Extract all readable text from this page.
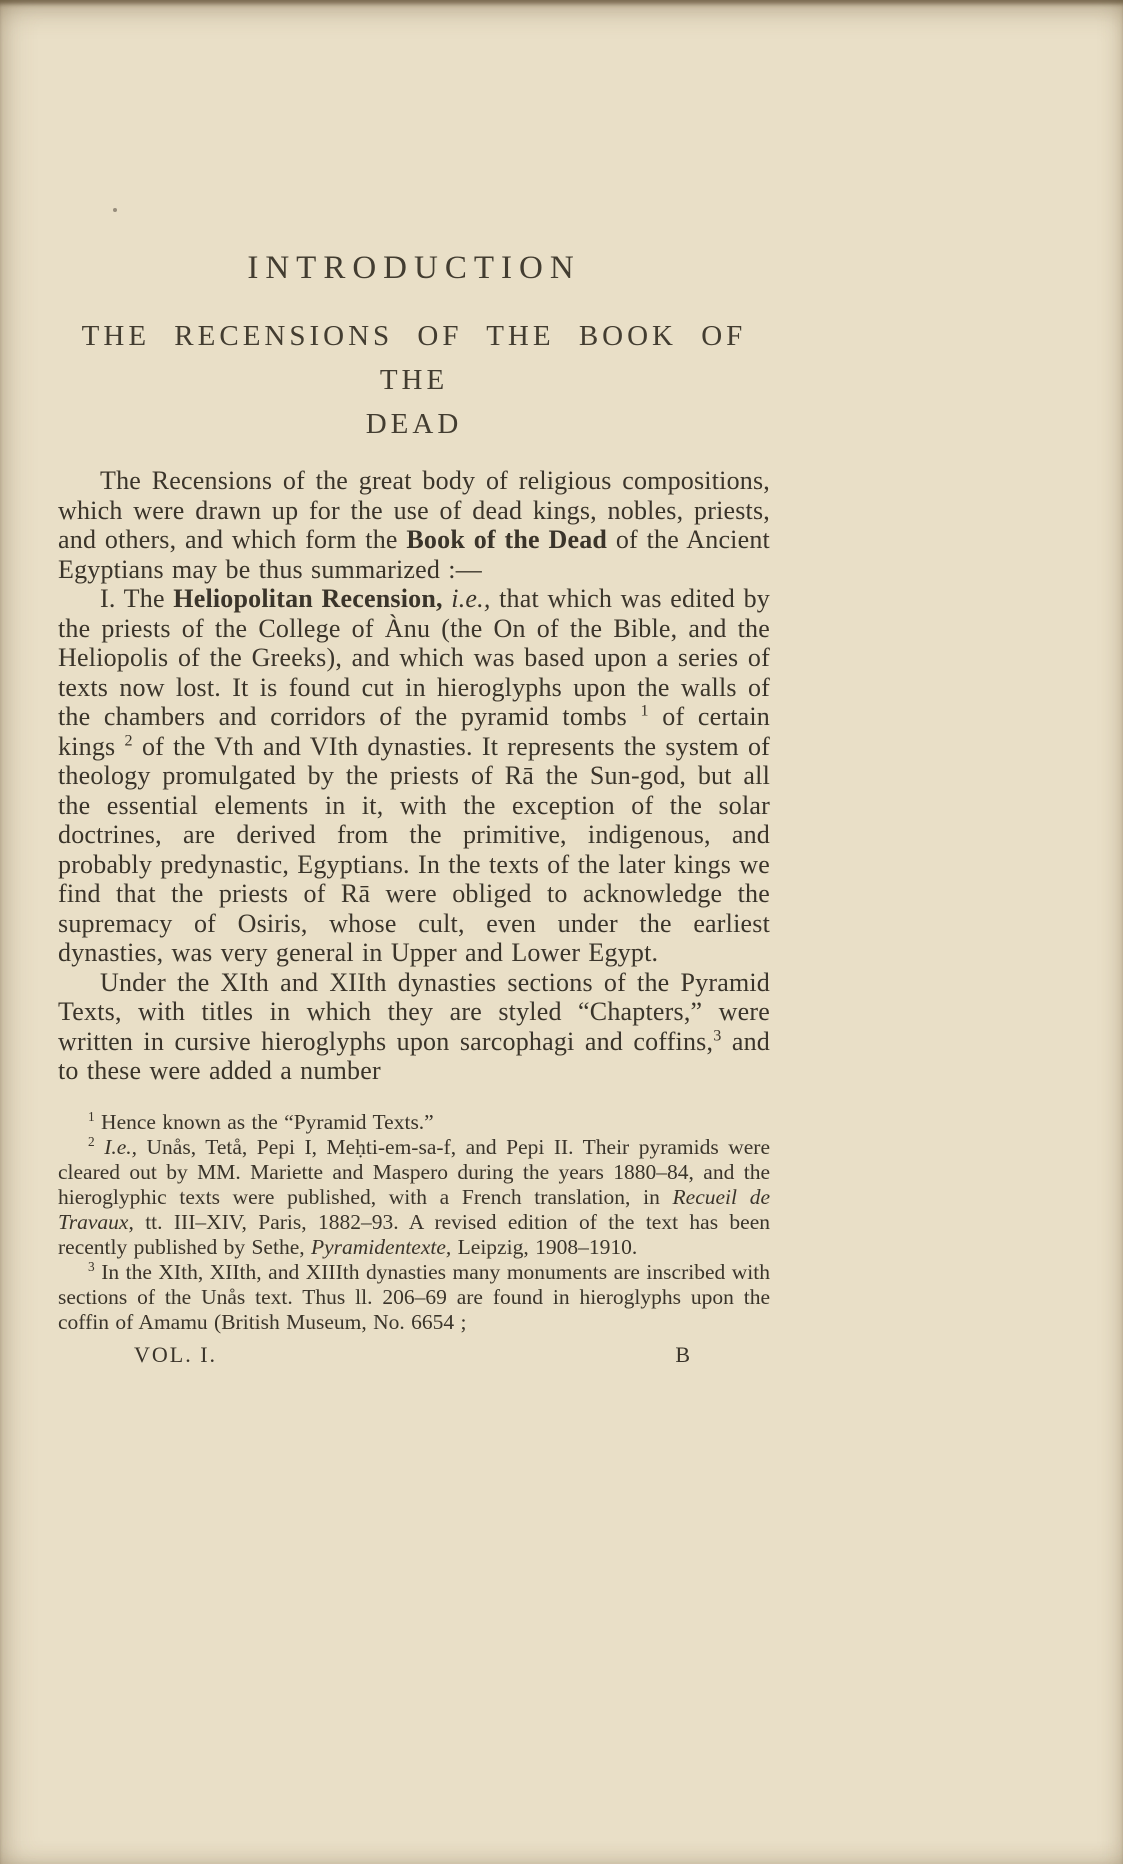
INTRODUCTION
THE RECENSIONS OF THE BOOK OF THE
DEAD

The Recensions of the great body of religious compositions, which were drawn up for the use of dead kings, nobles, priests, and others, and which form the Book of the Dead of the Ancient Egyptians may be thus summarized :—

I. The Heliopolitan Recension, i.e., that which was edited by the priests of the College of Ànu (the On of the Bible, and the Heliopolis of the Greeks), and which was based upon a series of texts now lost. It is found cut in hieroglyphs upon the walls of the chambers and corridors of the pyramid tombs $^1$ of certain kings $^2$ of the Vth and VIth dynasties. It represents the system of theology promulgated by the priests of Rā the Sun-god, but all the essential elements in it, with the exception of the solar doctrines, are derived from the primitive, indigenous, and probably predynastic, Egyptians. In the texts of the later kings we find that the priests of Rā were obliged to acknowledge the supremacy of Osiris, whose cult, even under the earliest dynasties, was very general in Upper and Lower Egypt.

Under the XIth and XIIth dynasties sections of the Pyramid Texts, with titles in which they are styled “Chapters,” were written in cursive hieroglyphs upon sarcophagi and coffins,$^3$ and to these were added a number

$^1$ Hence known as the “Pyramid Texts.”

$^2$ I.e., Unås, Tetå, Pepi I, Meḥti-em-sa-f, and Pepi II. Their pyramids were cleared out by MM. Mariette and Maspero during the years 1880–84, and the hieroglyphic texts were published, with a French translation, in Recueil de Travaux, tt. III–XIV, Paris, 1882–93. A revised edition of the text has been recently published by Sethe, Pyramidentexte, Leipzig, 1908–1910.

$^3$ In the XIth, XIIth, and XIIIth dynasties many monuments are inscribed with sections of the Unås text. Thus ll. 206–69 are found in hieroglyphs upon the coffin of Amamu (British Museum, No. 6654 ;

VOL. I.	B
